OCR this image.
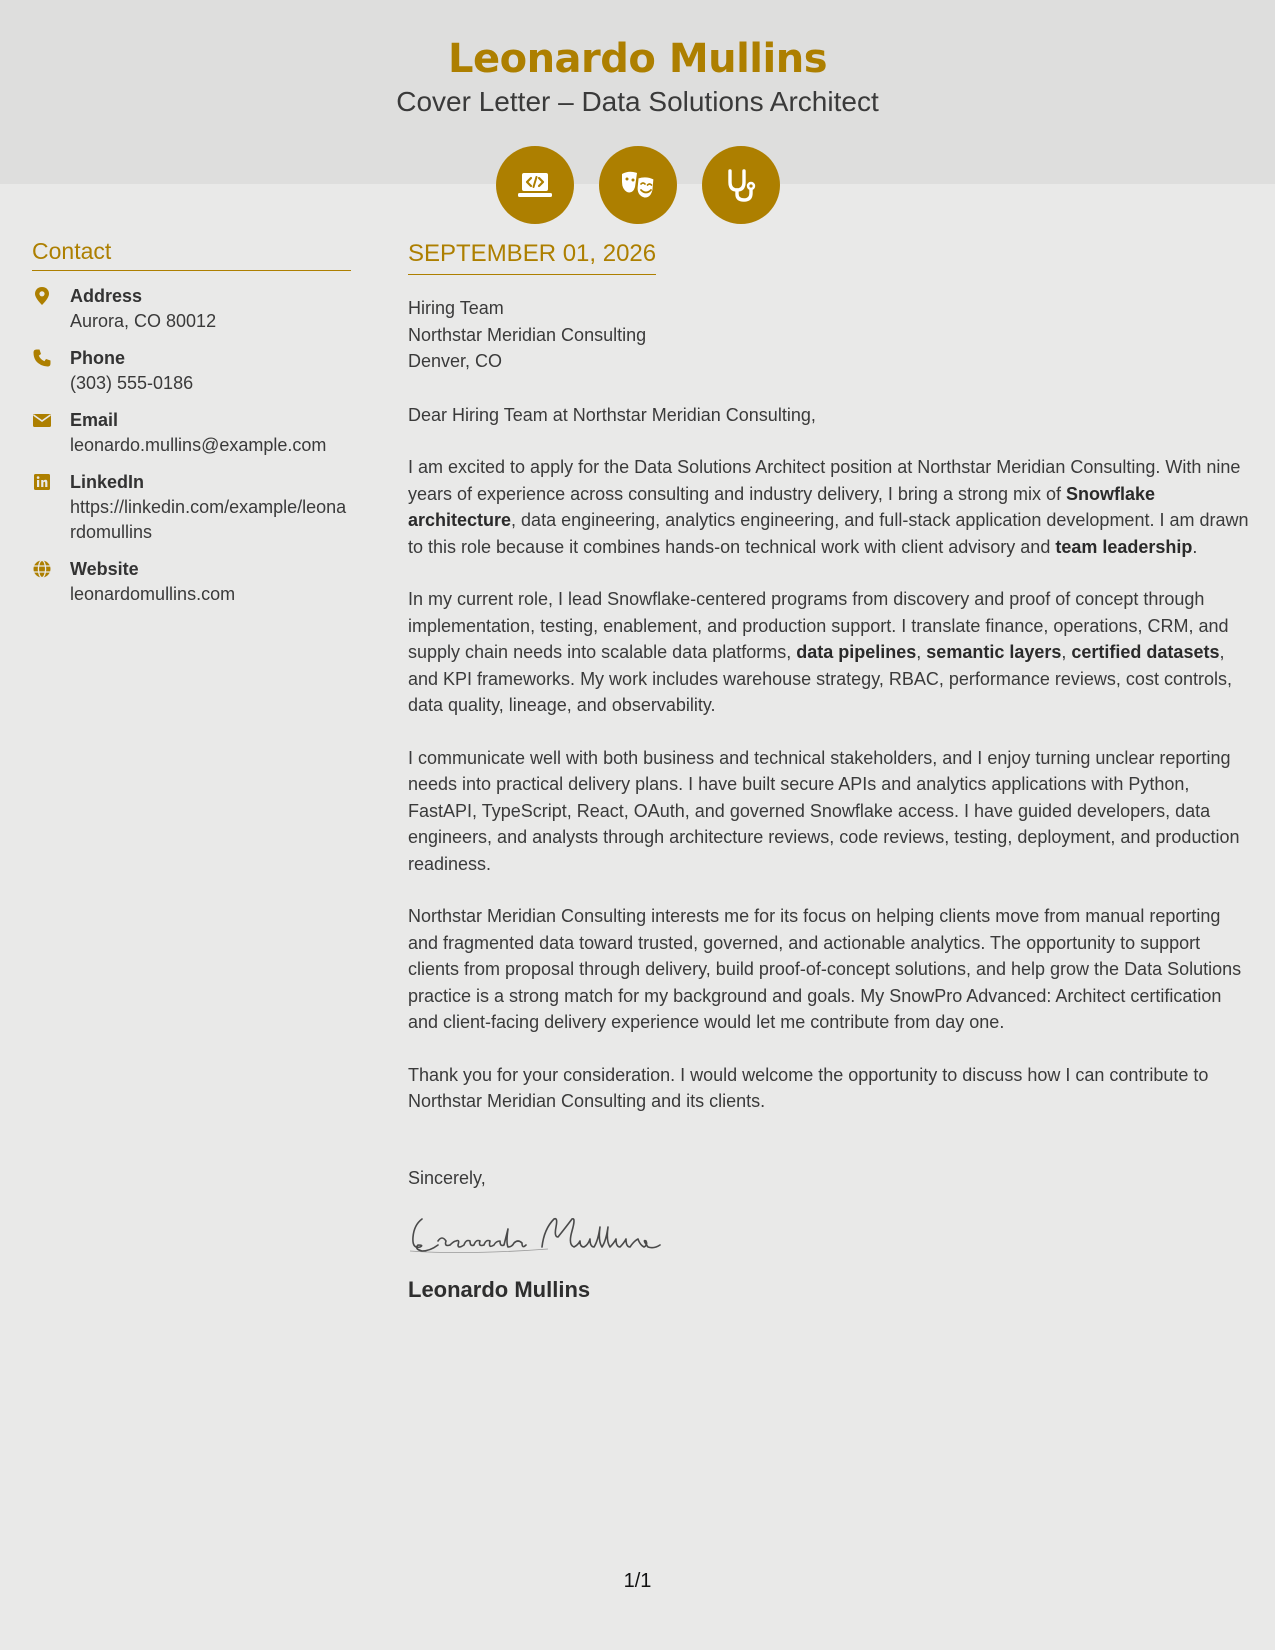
Leonardo Mullins
Cover Letter – Data Solutions Architect
Contact
Address
Aurora, CO 80012
Phone
(303) 555-0186
Email
leonardo.mullins@example.com
LinkedIn
https://linkedin.com/example/leonardomullins
Website
leonardomullins.com
SEPTEMBER 01, 2026
Hiring Team
Northstar Meridian Consulting
Denver, CO
Dear Hiring Team at Northstar Meridian Consulting,
I am excited to apply for the Data Solutions Architect position at Northstar Meridian Consulting. With nine years of experience across consulting and industry delivery, I bring a strong mix of Snowflake architecture, data engineering, analytics engineering, and full-stack application development. I am drawn to this role because it combines hands-on technical work with client advisory and team leadership.
In my current role, I lead Snowflake-centered programs from discovery and proof of concept through implementation, testing, enablement, and production support. I translate finance, operations, CRM, and supply chain needs into scalable data platforms, data pipelines, semantic layers, certified datasets, and KPI frameworks. My work includes warehouse strategy, RBAC, performance reviews, cost controls, data quality, lineage, and observability.
I communicate well with both business and technical stakeholders, and I enjoy turning unclear reporting needs into practical delivery plans. I have built secure APIs and analytics applications with Python, FastAPI, TypeScript, React, OAuth, and governed Snowflake access. I have guided developers, data engineers, and analysts through architecture reviews, code reviews, testing, deployment, and production readiness.
Northstar Meridian Consulting interests me for its focus on helping clients move from manual reporting and fragmented data toward trusted, governed, and actionable analytics. The opportunity to support clients from proposal through delivery, build proof-of-concept solutions, and help grow the Data Solutions practice is a strong match for my background and goals. My SnowPro Advanced: Architect certification and client-facing delivery experience would let me contribute from day one.
Thank you for your consideration. I would welcome the opportunity to discuss how I can contribute to Northstar Meridian Consulting and its clients.
Sincerely,
Leonardo Mullins
1/1
